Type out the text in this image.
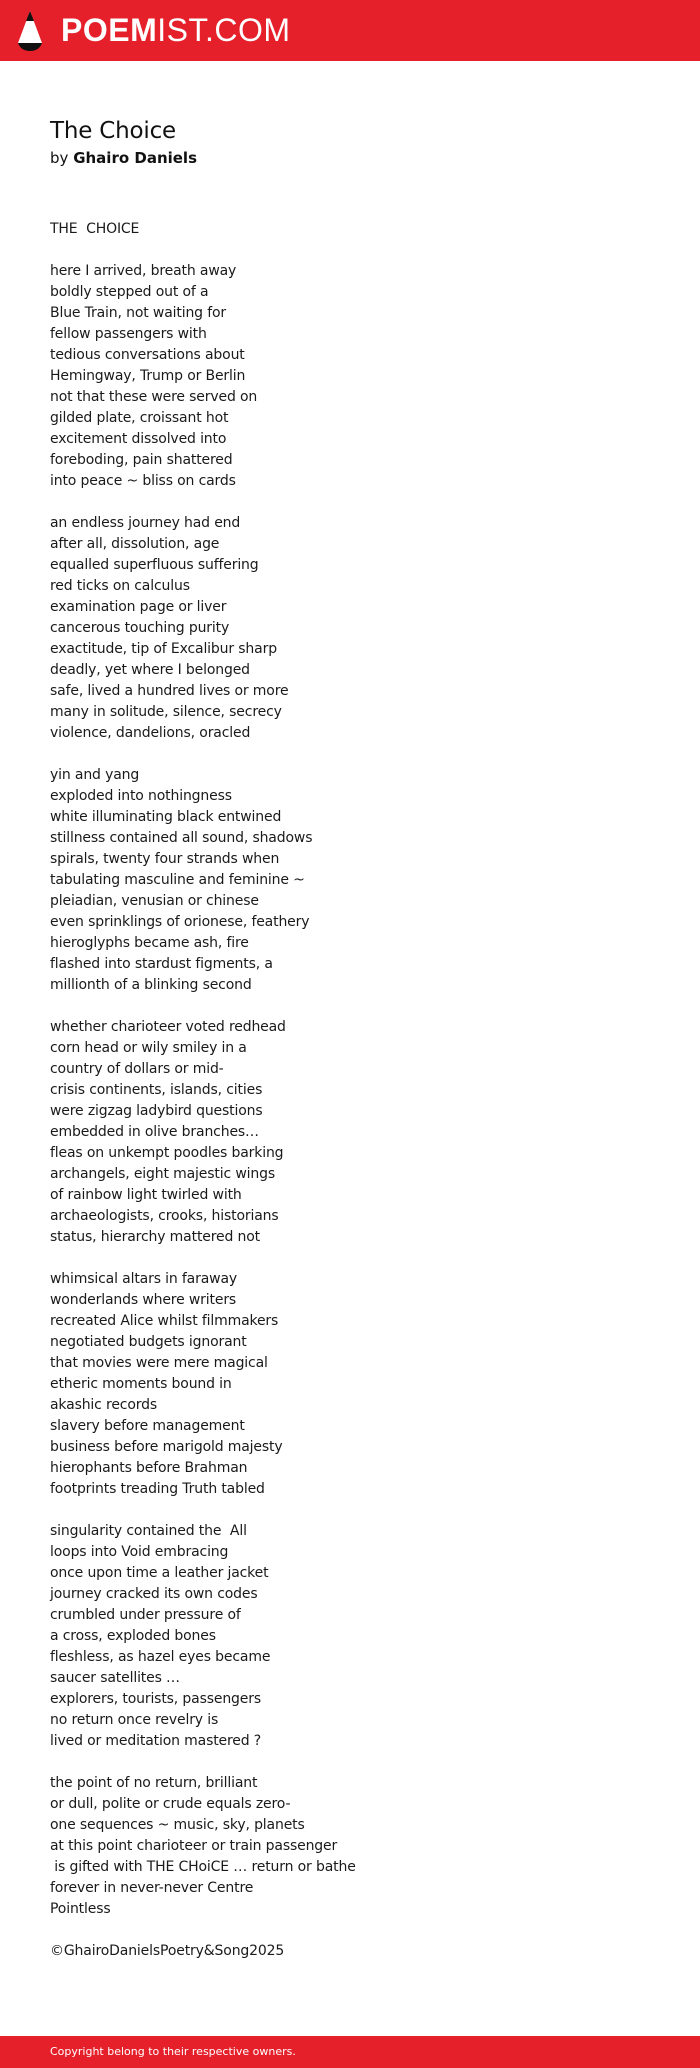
POEMIST.COM
The Choice
by Ghairo Daniels
THE  CHOICE
here I arrived, breath away
boldly stepped out of a
Blue Train, not waiting for
fellow passengers with
tedious conversations about
Hemingway, Trump or Berlin
not that these were served on
gilded plate, croissant hot
excitement dissolved into
foreboding, pain shattered
into peace ~ bliss on cards
an endless journey had end
after all, dissolution, age
equalled superfluous suffering
red ticks on calculus
examination page or liver
cancerous touching purity
exactitude, tip of Excalibur sharp
deadly, yet where I belonged
safe, lived a hundred lives or more
many in solitude, silence, secrecy
violence, dandelions, oracled
yin and yang
exploded into nothingness
white illuminating black entwined
stillness contained all sound, shadows
spirals, twenty four strands when
tabulating masculine and feminine ~
pleiadian, venusian or chinese
even sprinklings of orionese, feathery
hieroglyphs became ash, fire
flashed into stardust figments, a
millionth of a blinking second
whether charioteer voted redhead
corn head or wily smiley in a
country of dollars or mid-
crisis continents, islands, cities
were zigzag ladybird questions
embedded in olive branches…
fleas on unkempt poodles barking
archangels, eight majestic wings
of rainbow light twirled with
archaeologists, crooks, historians
status, hierarchy mattered not
whimsical altars in faraway
wonderlands where writers
recreated Alice whilst filmmakers
negotiated budgets ignorant
that movies were mere magical
etheric moments bound in
akashic records
slavery before management
business before marigold majesty
hierophants before Brahman
footprints treading Truth tabled
singularity contained the  All
loops into Void embracing
once upon time a leather jacket
journey cracked its own codes
crumbled under pressure of
a cross, exploded bones
fleshless, as hazel eyes became
saucer satellites …
explorers, tourists, passengers
no return once revelry is
lived or meditation mastered ?
the point of no return, brilliant
or dull, polite or crude equals zero-
one sequences ~ music, sky, planets
at this point charioteer or train passenger
is gifted with THE CHoiCE … return or bathe
forever in never-never Centre
Pointless
©GhairoDanielsPoetry&Song2025
Copyright belong to their respective owners.
